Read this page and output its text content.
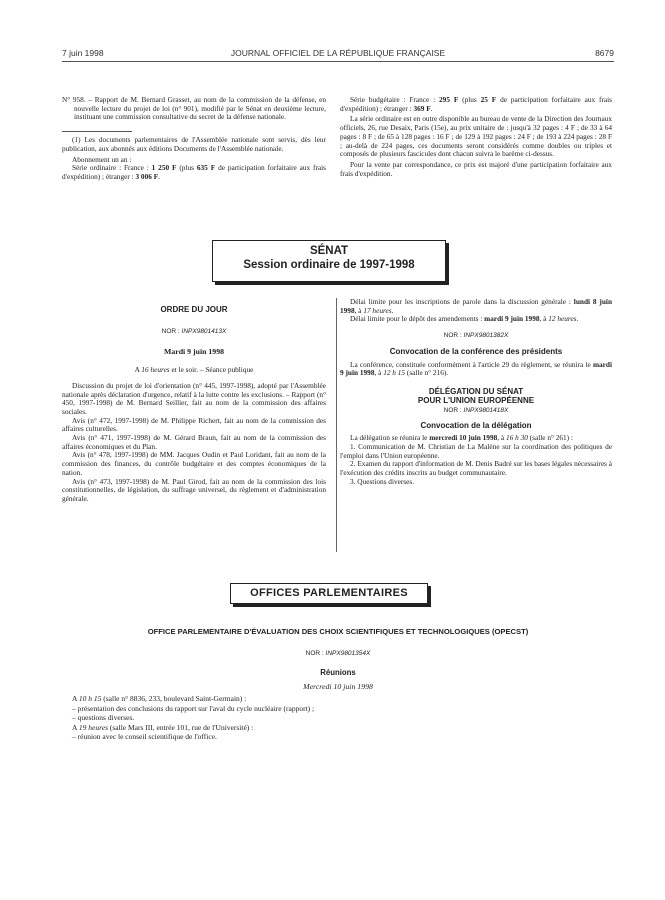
7 juin 1998	JOURNAL OFFICIEL DE LA RÉPUBLIQUE FRANÇAISE	8679

N° 958. – Rapport de M. Bernard Grasset, au nom de la commission de la défense, en nouvelle lecture du projet de loi (n° 901), modifié par le Sénat en deuxième lecture, instituant une commission consultative du secret de la défense nationale.

(1) Les documents parlementaires de l'Assemblée nationale sont servis, dès leur publication, aux abonnés aux éditions Documents de l'Assemblée nationale.

Abonnement un an :

Série ordinaire : France : 1 250 F (plus 635 F de participation forfaitaire aux frais d'expédition) ; étranger : 3 006 F.

Série budgétaire : France : 295 F (plus 25 F de participation forfaitaire aux frais d'expédition) ; étranger : 369 F.

La série ordinaire est en outre disponible au bureau de vente de la Direction des Journaux officiels, 26, rue Desaix, Paris (15e), au prix unitaire de : jusqu'à 32 pages : 4 F ; de 33 à 64 pages : 8 F ; de 65 à 128 pages : 16 F ; de 129 à 192 pages : 24 F ; de 193 à 224 pages : 28 F ; au-delà de 224 pages, ces documents seront considérés comme doubles ou triples et composés de plusieurs fascicules dont chacun suivra le barème ci-dessus.

Pour la vente par correspondance, ce prix est majoré d'une participation forfaitaire aux frais d'expédition.

SÉNAT
Session ordinaire de 1997-1998
ORDRE DU JOUR
NOR : INPX9801413X
Mardi 9 juin 1998
A 16 heures et le soir. – Séance publique

Discussion du projet de loi d'orientation (n° 445, 1997-1998), adopté par l'Assemblée nationale après déclaration d'urgence, relatif à la lutte contre les exclusions. – Rapport (n° 450, 1997-1998) de M. Bernard Seillier, fait au nom de la commission des affaires sociales.

Avis (n° 472, 1997-1998) de M. Philippe Richert, fait au nom de la commission des affaires culturelles.

Avis (n° 471, 1997-1998) de M. Gérard Braun, fait au nom de la commission des affaires économiques et du Plan.

Avis (n° 478, 1997-1998) de MM. Jacques Oudin et Paul Loridant, fait au nom de la commission des finances, du contrôle budgétaire et des comptes économiques de la nation.

Avis (n° 473, 1997-1998) de M. Paul Girod, fait au nom de la commission des lois constitutionnelles, de législation, du suffrage universel, du règlement et d'administration générale.

Délai limite pour les inscriptions de parole dans la discussion générale : lundi 8 juin 1998, à 17 heures.

Délai limite pour le dépôt des amendements : mardi 9 juin 1998, à 12 heures.

NOR : INPX9801382X
Convocation de la conférence des présidents

La conférence, constituée conformément à l'article 29 du règlement, se réunira le mardi 9 juin 1998, à 12 h 15 (salle n° 216).

DÉLÉGATION DU SÉNAT
POUR L'UNION EUROPÉENNE
NOR : INPX9801418X
Convocation de la délégation

La délégation se réunira le mercredi 10 juin 1998, à 16 h 30 (salle n° 261) :

1. Communication de M. Christian de La Malène sur la coordination des politiques de l'emploi dans l'Union européenne.

2. Examen du rapport d'information de M. Denis Badré sur les bases légales nécessaires à l'exécution des crédits inscrits au budget communautaire.

3. Questions diverses.

OFFICES PARLEMENTAIRES
OFFICE PARLEMENTAIRE D'ÉVALUATION DES CHOIX SCIENTIFIQUES ET TECHNOLOGIQUES (OPECST)
NOR : INPX9801354X
Réunions
Mercredi 10 juin 1998
A 10 h 15 (salle n° 8836, 233, boulevard Saint-Germain) :
– présentation des conclusions du rapport sur l'aval du cycle nucléaire (rapport) ;
– questions diverses.
A 19 heures (salle Mars III, entrée 101, rue de l'Université) :
– réunion avec le conseil scientifique de l'office.
